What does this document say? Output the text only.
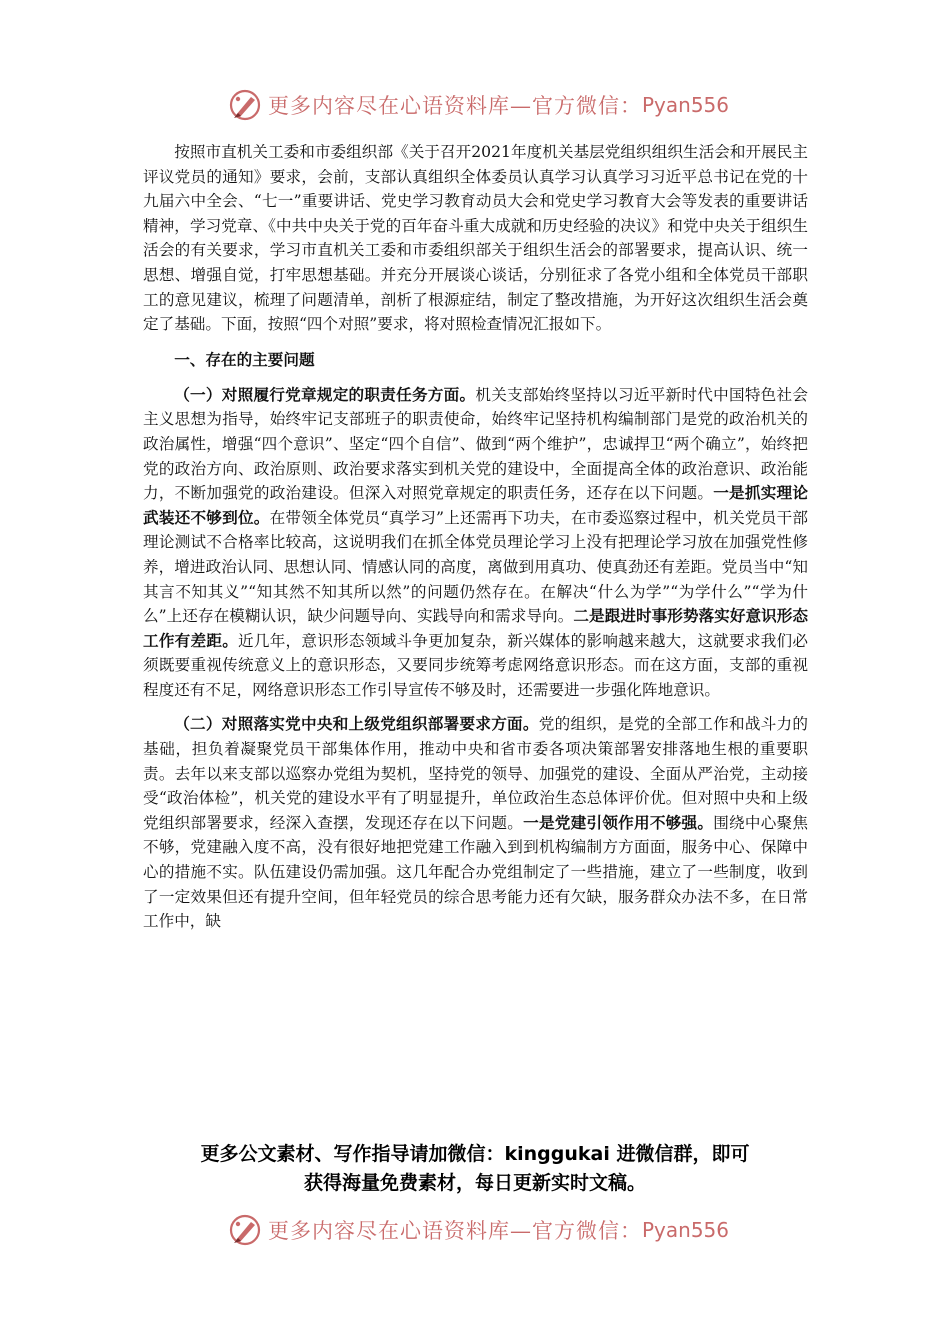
更多内容尽在心语资料库—官方微信： Pyan556

按照市直机关工委和市委组织部《关于召开2021年度机关基层党组织组织生活会和开展民主评议党员的通知》要求，会前，支部认真组织全体委员认真学习认真学习习近平总书记在党的十九届六中全会、“七一”重要讲话、党史学习教育动员大会和党史学习教育大会等发表的重要讲话精神，学习党章、《中共中央关于党的百年奋斗重大成就和历史经验的决议》和党中央关于组织生活会的有关要求，学习市直机关工委和市委组织部关于组织生活会的部署要求，提高认识、统一思想、增强自觉，打牢思想基础。并充分开展谈心谈话，分别征求了各党小组和全体党员干部职工的意见建议，梳理了问题清单，剖析了根源症结，制定了整改措施，为开好这次组织生活会奠定了基础。下面，按照“四个对照”要求，将对照检查情况汇报如下。

一、存在的主要问题

（一）对照履行党章规定的职责任务方面。机关支部始终坚持以习近平新时代中国特色社会主义思想为指导，始终牢记支部班子的职责使命，始终牢记坚持机构编制部门是党的政治机关的政治属性，增强“四个意识”、坚定“四个自信”、做到“两个维护”，忠诚捍卫“两个确立”，始终把党的政治方向、政治原则、政治要求落实到机关党的建设中，全面提高全体的政治意识、政治能力，不断加强党的政治建设。但深入对照党章规定的职责任务，还存在以下问题。一是抓实理论武装还不够到位。在带领全体党员“真学习”上还需再下功夫，在市委巡察过程中，机关党员干部理论测试不合格率比较高，这说明我们在抓全体党员理论学习上没有把理论学习放在加强党性修养，增进政治认同、思想认同、情感认同的高度，离做到用真功、使真劲还有差距。党员当中“知其言不知其义”“知其然不知其所以然”的问题仍然存在。在解决“什么为学”“为学什么”“学为什么”上还存在模糊认识，缺少问题导向、实践导向和需求导向。二是跟进时事形势落实好意识形态工作有差距。近几年，意识形态领域斗争更加复杂，新兴媒体的影响越来越大，这就要求我们必须既要重视传统意义上的意识形态，又要同步统筹考虑网络意识形态。而在这方面，支部的重视程度还有不足，网络意识形态工作引导宣传不够及时，还需要进一步强化阵地意识。

（二）对照落实党中央和上级党组织部署要求方面。党的组织，是党的全部工作和战斗力的基础，担负着凝聚党员干部集体作用，推动中央和省市委各项决策部署安排落地生根的重要职责。去年以来支部以巡察办党组为契机，坚持党的领导、加强党的建设、全面从严治党，主动接受“政治体检”，机关党的建设水平有了明显提升，单位政治生态总体评价优。但对照中央和上级党组织部署要求，经深入查摆，发现还存在以下问题。一是党建引领作用不够强。围绕中心聚焦不够，党建融入度不高，没有很好地把党建工作融入到到机构编制方方面面，服务中心、保障中心的措施不实。队伍建设仍需加强。这几年配合办党组制定了一些措施，建立了一些制度，收到了一定效果但还有提升空间，但年轻党员的综合思考能力还有欠缺，服务群众办法不多，在日常工作中，缺

更多公文素材、写作指导请加微信：kinggukai 进微信群，即可
获得海量免费素材，每日更新实时文稿。
更多内容尽在心语资料库—官方微信： Pyan556
